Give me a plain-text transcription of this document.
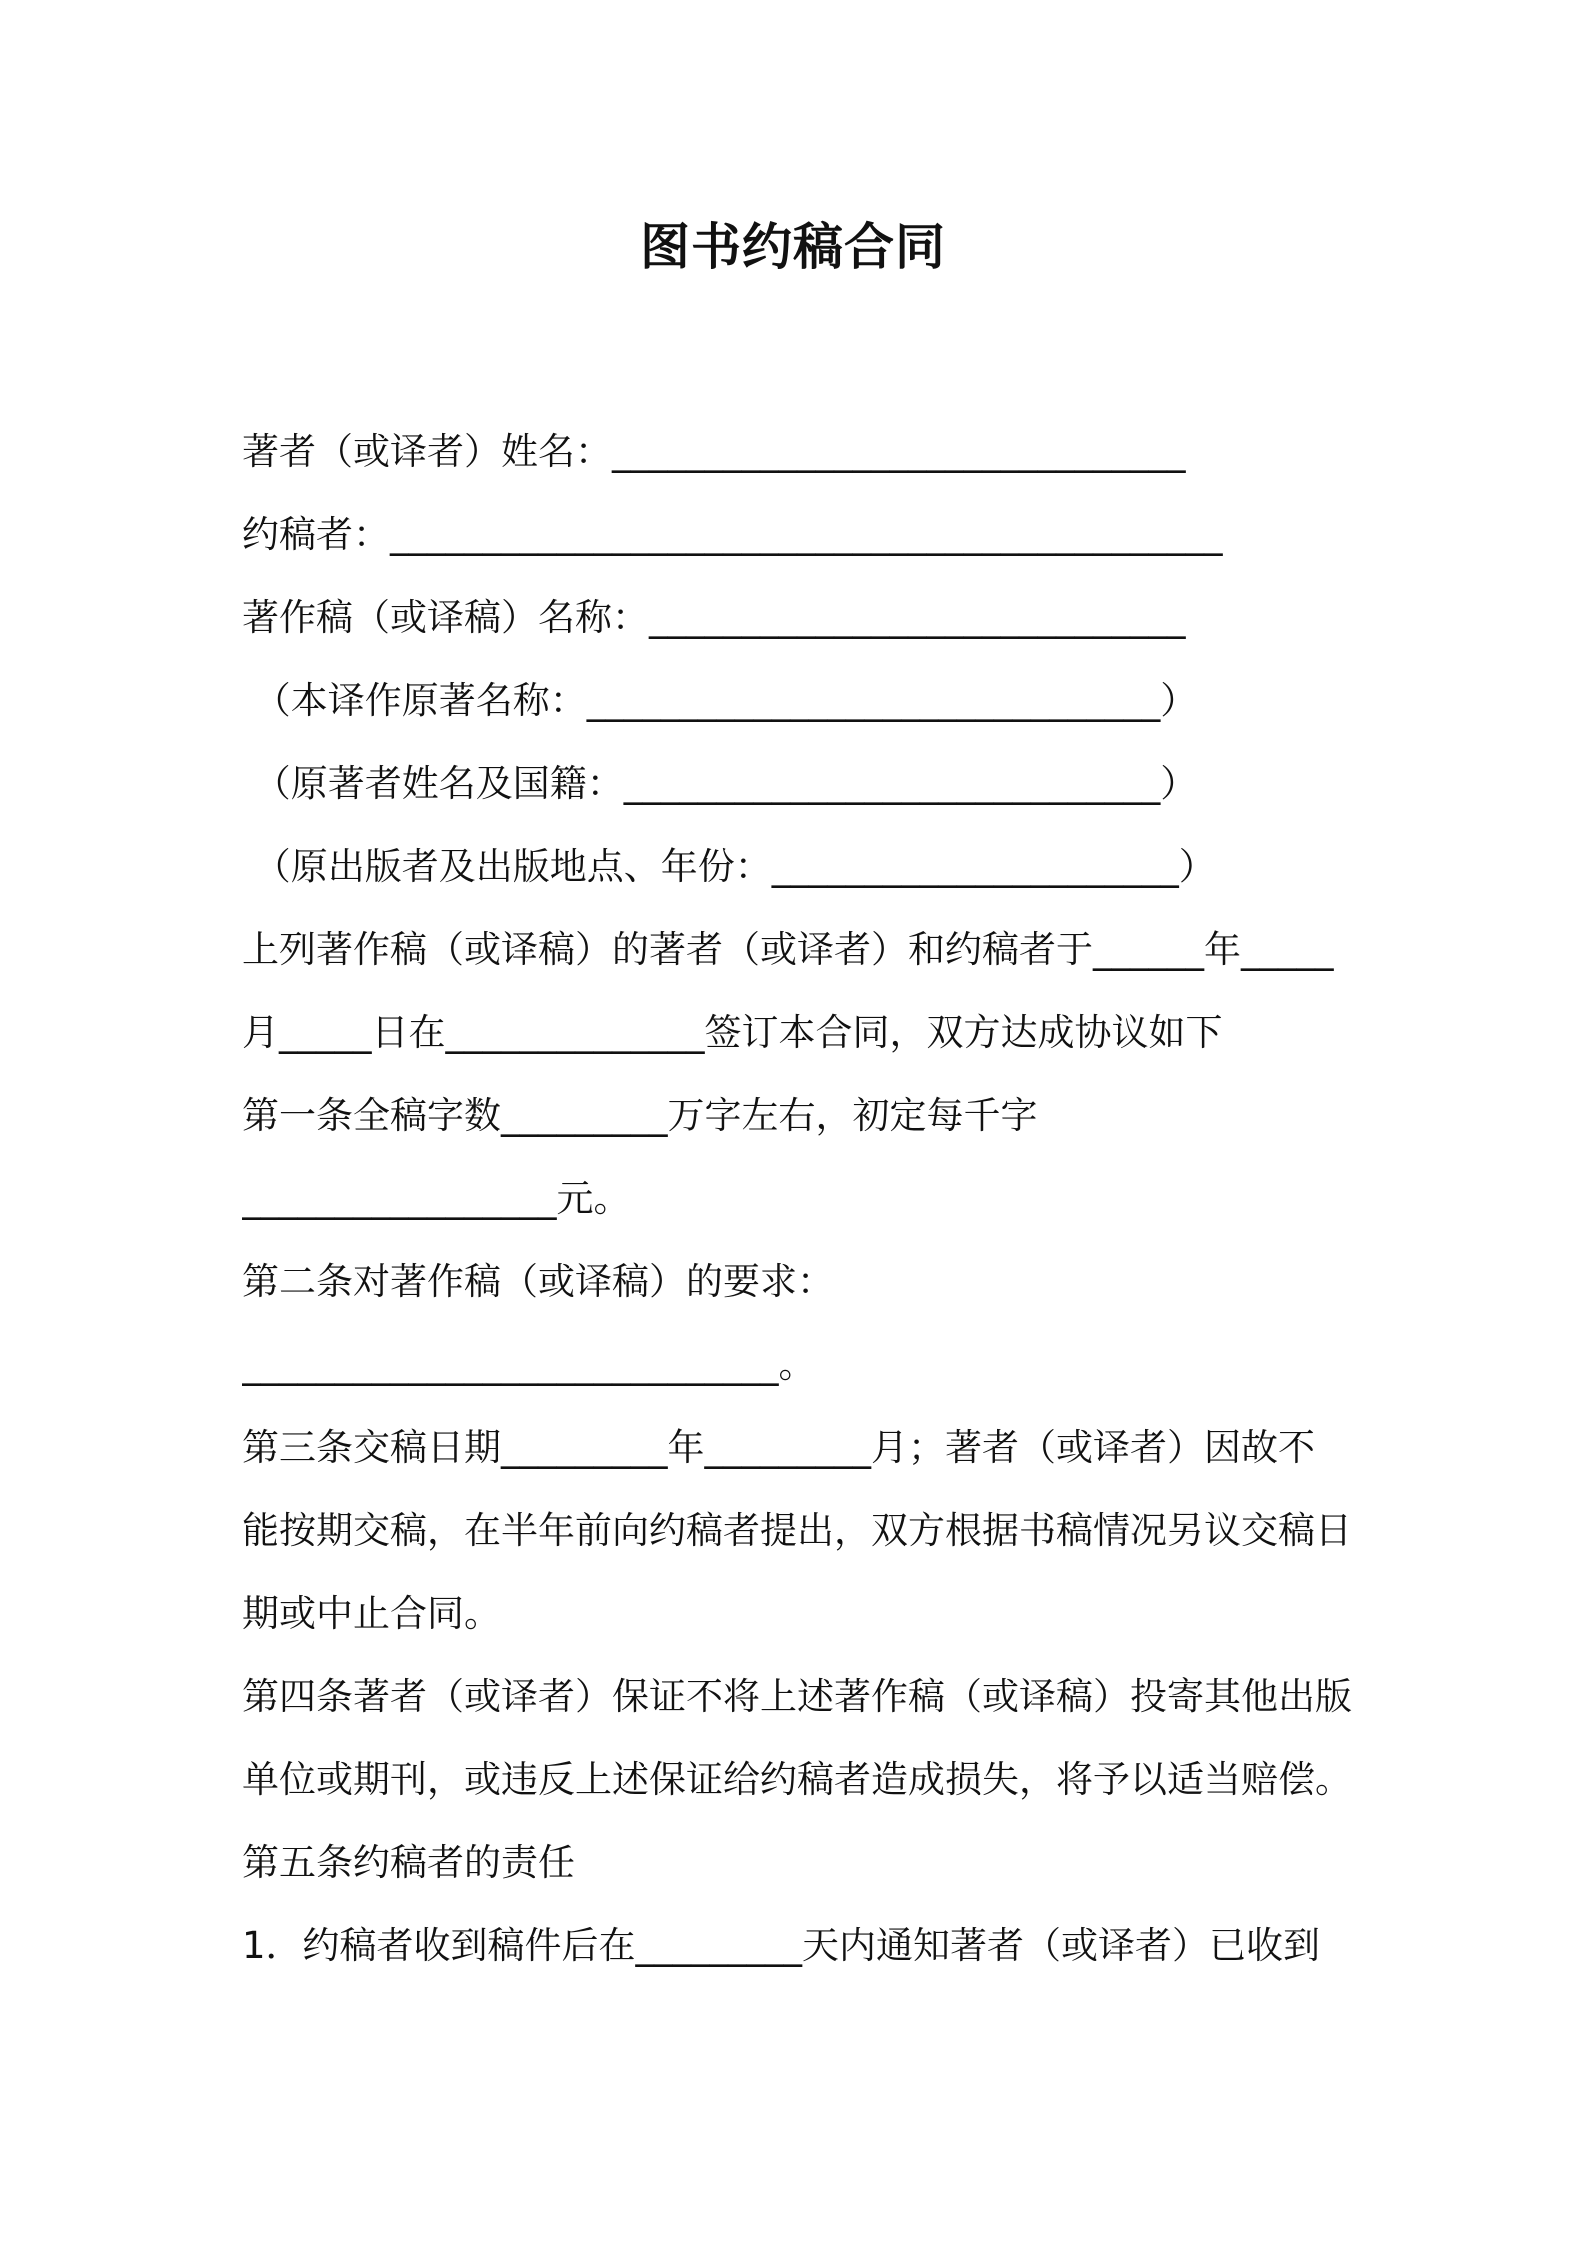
图书约稿合同
著者（或译者）姓名：_______________________________
约稿者：_____________________________________________
著作稿（或译稿）名称：_____________________________
（本译作原著名称：_______________________________）
（原著者姓名及国籍：_____________________________）
（原出版者及出版地点、年份：______________________）
上列著作稿（或译稿）的著者（或译者）和约稿者于______年_____
月_____日在______________签订本合同，双方达成协议如下
第一条全稿字数_________万字左右，初定每千字
_________________元。
第二条对著作稿（或译稿）的要求：
_____________________________。
第三条交稿日期_________年_________月；著者（或译者）因故不
能按期交稿，在半年前向约稿者提出，双方根据书稿情况另议交稿日
期或中止合同。
第四条著者（或译者）保证不将上述著作稿（或译稿）投寄其他出版
单位或期刊，或违反上述保证给约稿者造成损失，将予以适当赔偿。
第五条约稿者的责任
1．约稿者收到稿件后在_________天内通知著者（或译者）已收到
